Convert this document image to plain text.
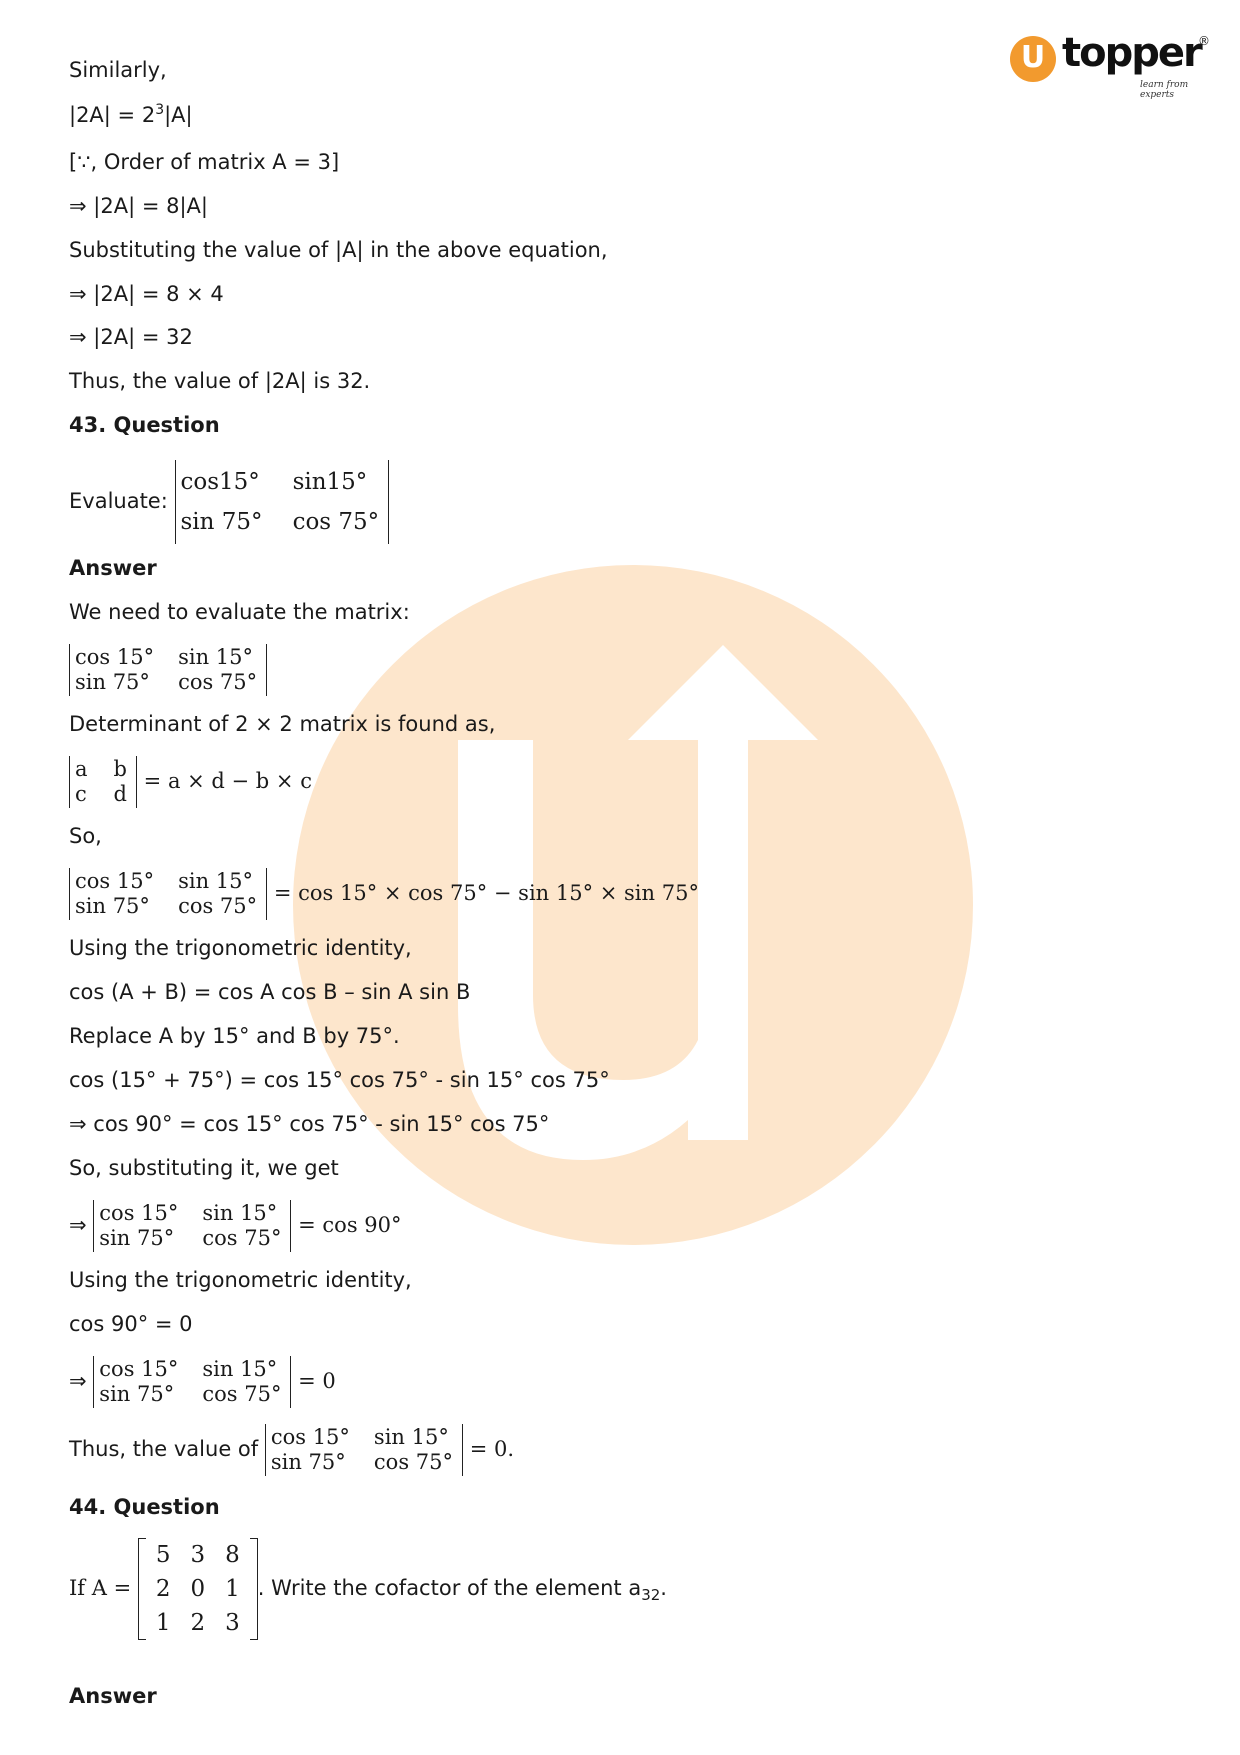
U topper
®
learn from experts
Similarly,
$|2A| = 2^3|A|$
[∵, Order of matrix A = 3]
⇒ |2A| = 8|A|
Substituting the value of |A| in the above equation,
⇒ |2A| = 8 × 4
⇒ |2A| = 32
Thus, the value of |2A| is 32.
43. Question
Evaluate:
cos15°	sin15°
sin 75°	cos 75°
Answer
We need to evaluate the matrix:
cos 15°	sin 15°
sin 75°	cos 75°
Determinant of 2 × 2 matrix is found as,
a	b
c	d
= a × d − b × c
So,
cos 15°	sin 15°
sin 75°	cos 75°
= cos 15° × cos 75° − sin 15° × sin 75°
Using the trigonometric identity,
cos (A + B) = cos A cos B – sin A sin B
Replace A by 15° and B by 75°.
cos (15° + 75°) = cos 15° cos 75° - sin 15° cos 75°
⇒ cos 90° = cos 15° cos 75° - sin 15° cos 75°
So, substituting it, we get
⇒ cos 15°	sin 15°
sin 75°	cos 75°
= cos 90°
Using the trigonometric identity,
cos 90° = 0
⇒ cos 15°	sin 15°
sin 75°	cos 75°
= 0
Thus, the value of cos 15°	sin 15°
sin 75°	cos 75°
= 0.
44. Question
If A =
5	3	8
2	0	1
1	2	3
. Write the cofactor of the element $a_{32}$.
Answer
